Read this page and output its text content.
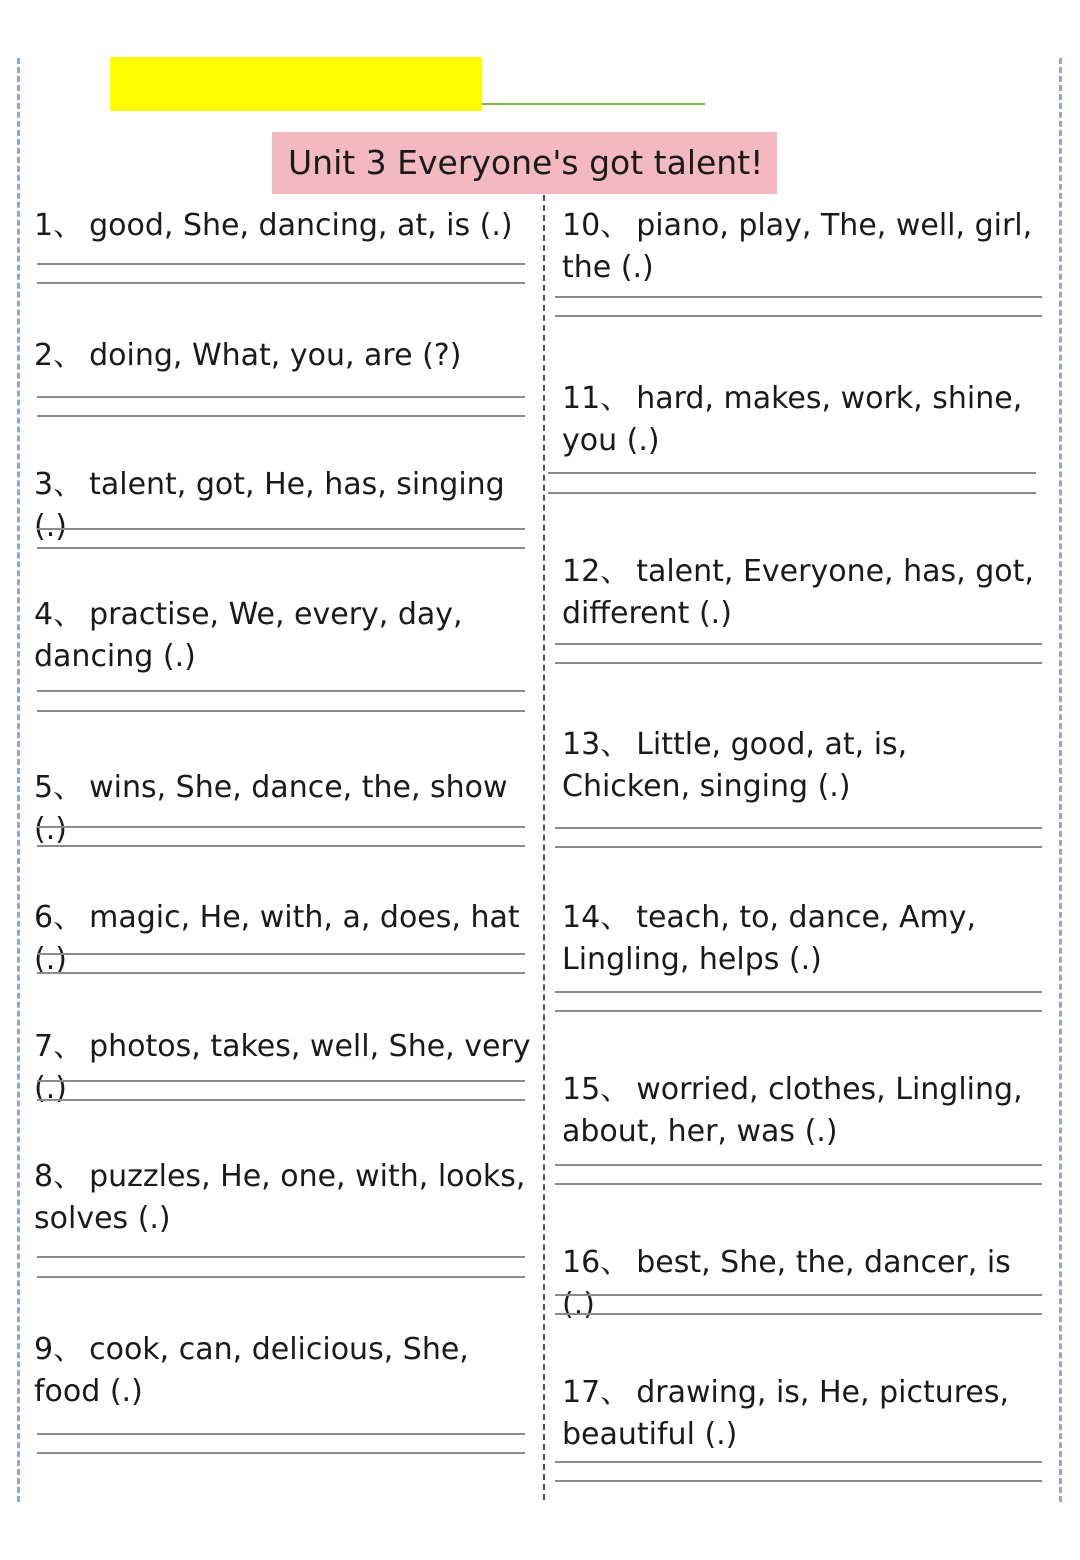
Unit 3 Everyone's got talent!
1、 good, She, dancing, at, is (.)
2、 doing, What, you, are (?)
3、 talent, got, He, has, singing (.)
4、 practise, We, every, day, dancing (.)
5、 wins, She, dance, the, show (.)
6、 magic, He, with, a, does, hat (.)
7、 photos, takes, well, She, very (.)
8、 puzzles, He, one, with, looks, solves (.)
9、 cook, can, delicious, She, food (.)
10、 piano, play, The, well, girl, the (.)
11、 hard, makes, work, shine, you (.)
12、 talent, Everyone, has, got, different (.)
13、 Little, good, at, is, Chicken, singing (.)
14、 teach, to, dance, Amy, Lingling, helps (.)
15、 worried, clothes, Lingling, about, her, was (.)
16、 best, She, the, dancer, is (.)
17、 drawing, is, He, pictures, beautiful (.)
